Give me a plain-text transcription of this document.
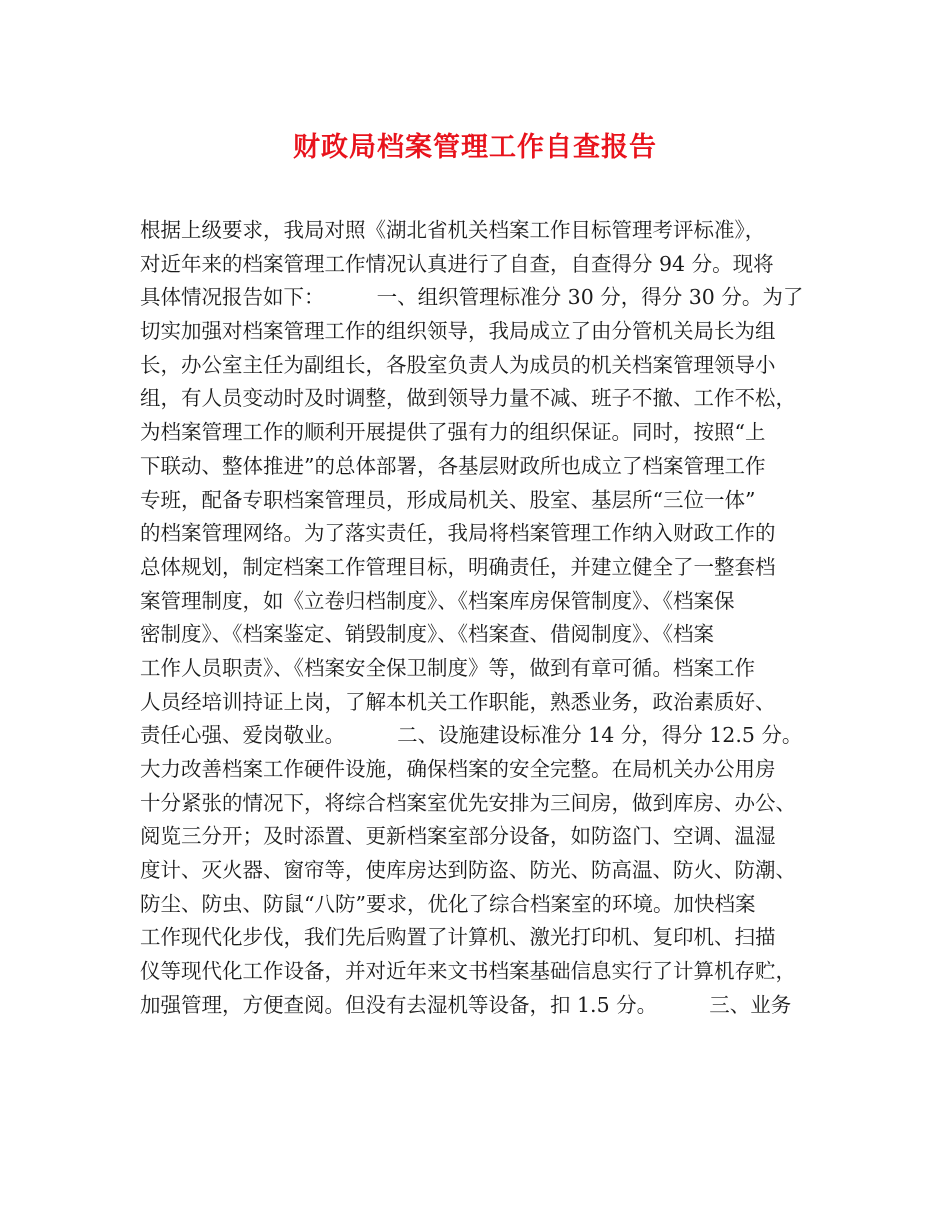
财政局档案管理工作自查报告
根据上级要求，我局对照《湖北省机关档案工作目标管理考评标准》，
对近年来的档案管理工作情况认真进行了自查，自查得分 94 分。现将
具体情况报告如下：        一、组织管理标准分 30 分，得分 30 分。为了
切实加强对档案管理工作的组织领导，我局成立了由分管机关局长为组
长，办公室主任为副组长，各股室负责人为成员的机关档案管理领导小
组，有人员变动时及时调整，做到领导力量不减、班子不撤、工作不松，
为档案管理工作的顺利开展提供了强有力的组织保证。同时，按照“上
下联动、整体推进”的总体部署，各基层财政所也成立了档案管理工作
专班，配备专职档案管理员，形成局机关、股室、基层所“三位一体”
的档案管理网络。为了落实责任，我局将档案管理工作纳入财政工作的
总体规划，制定档案工作管理目标，明确责任，并建立健全了一整套档
案管理制度，如《立卷归档制度》、《档案库房保管制度》、《档案保
密制度》、《档案鉴定、销毁制度》、《档案查、借阅制度》、《档案
工作人员职责》、《档案安全保卫制度》等，做到有章可循。档案工作
人员经培训持证上岗，了解本机关工作职能，熟悉业务，政治素质好、
责任心强、爱岗敬业。        二、设施建设标准分 14 分，得分 12.5 分。
大力改善档案工作硬件设施，确保档案的安全完整。在局机关办公用房
十分紧张的情况下，将综合档案室优先安排为三间房，做到库房、办公、
阅览三分开；及时添置、更新档案室部分设备，如防盗门、空调、温湿
度计、灭火器、窗帘等，使库房达到防盗、防光、防高温、防火、防潮、
防尘、防虫、防鼠“八防”要求，优化了综合档案室的环境。加快档案
工作现代化步伐，我们先后购置了计算机、激光打印机、复印机、扫描
仪等现代化工作设备，并对近年来文书档案基础信息实行了计算机存贮，
加强管理，方便查阅。但没有去湿机等设备，扣 1.5 分。        三、业务
